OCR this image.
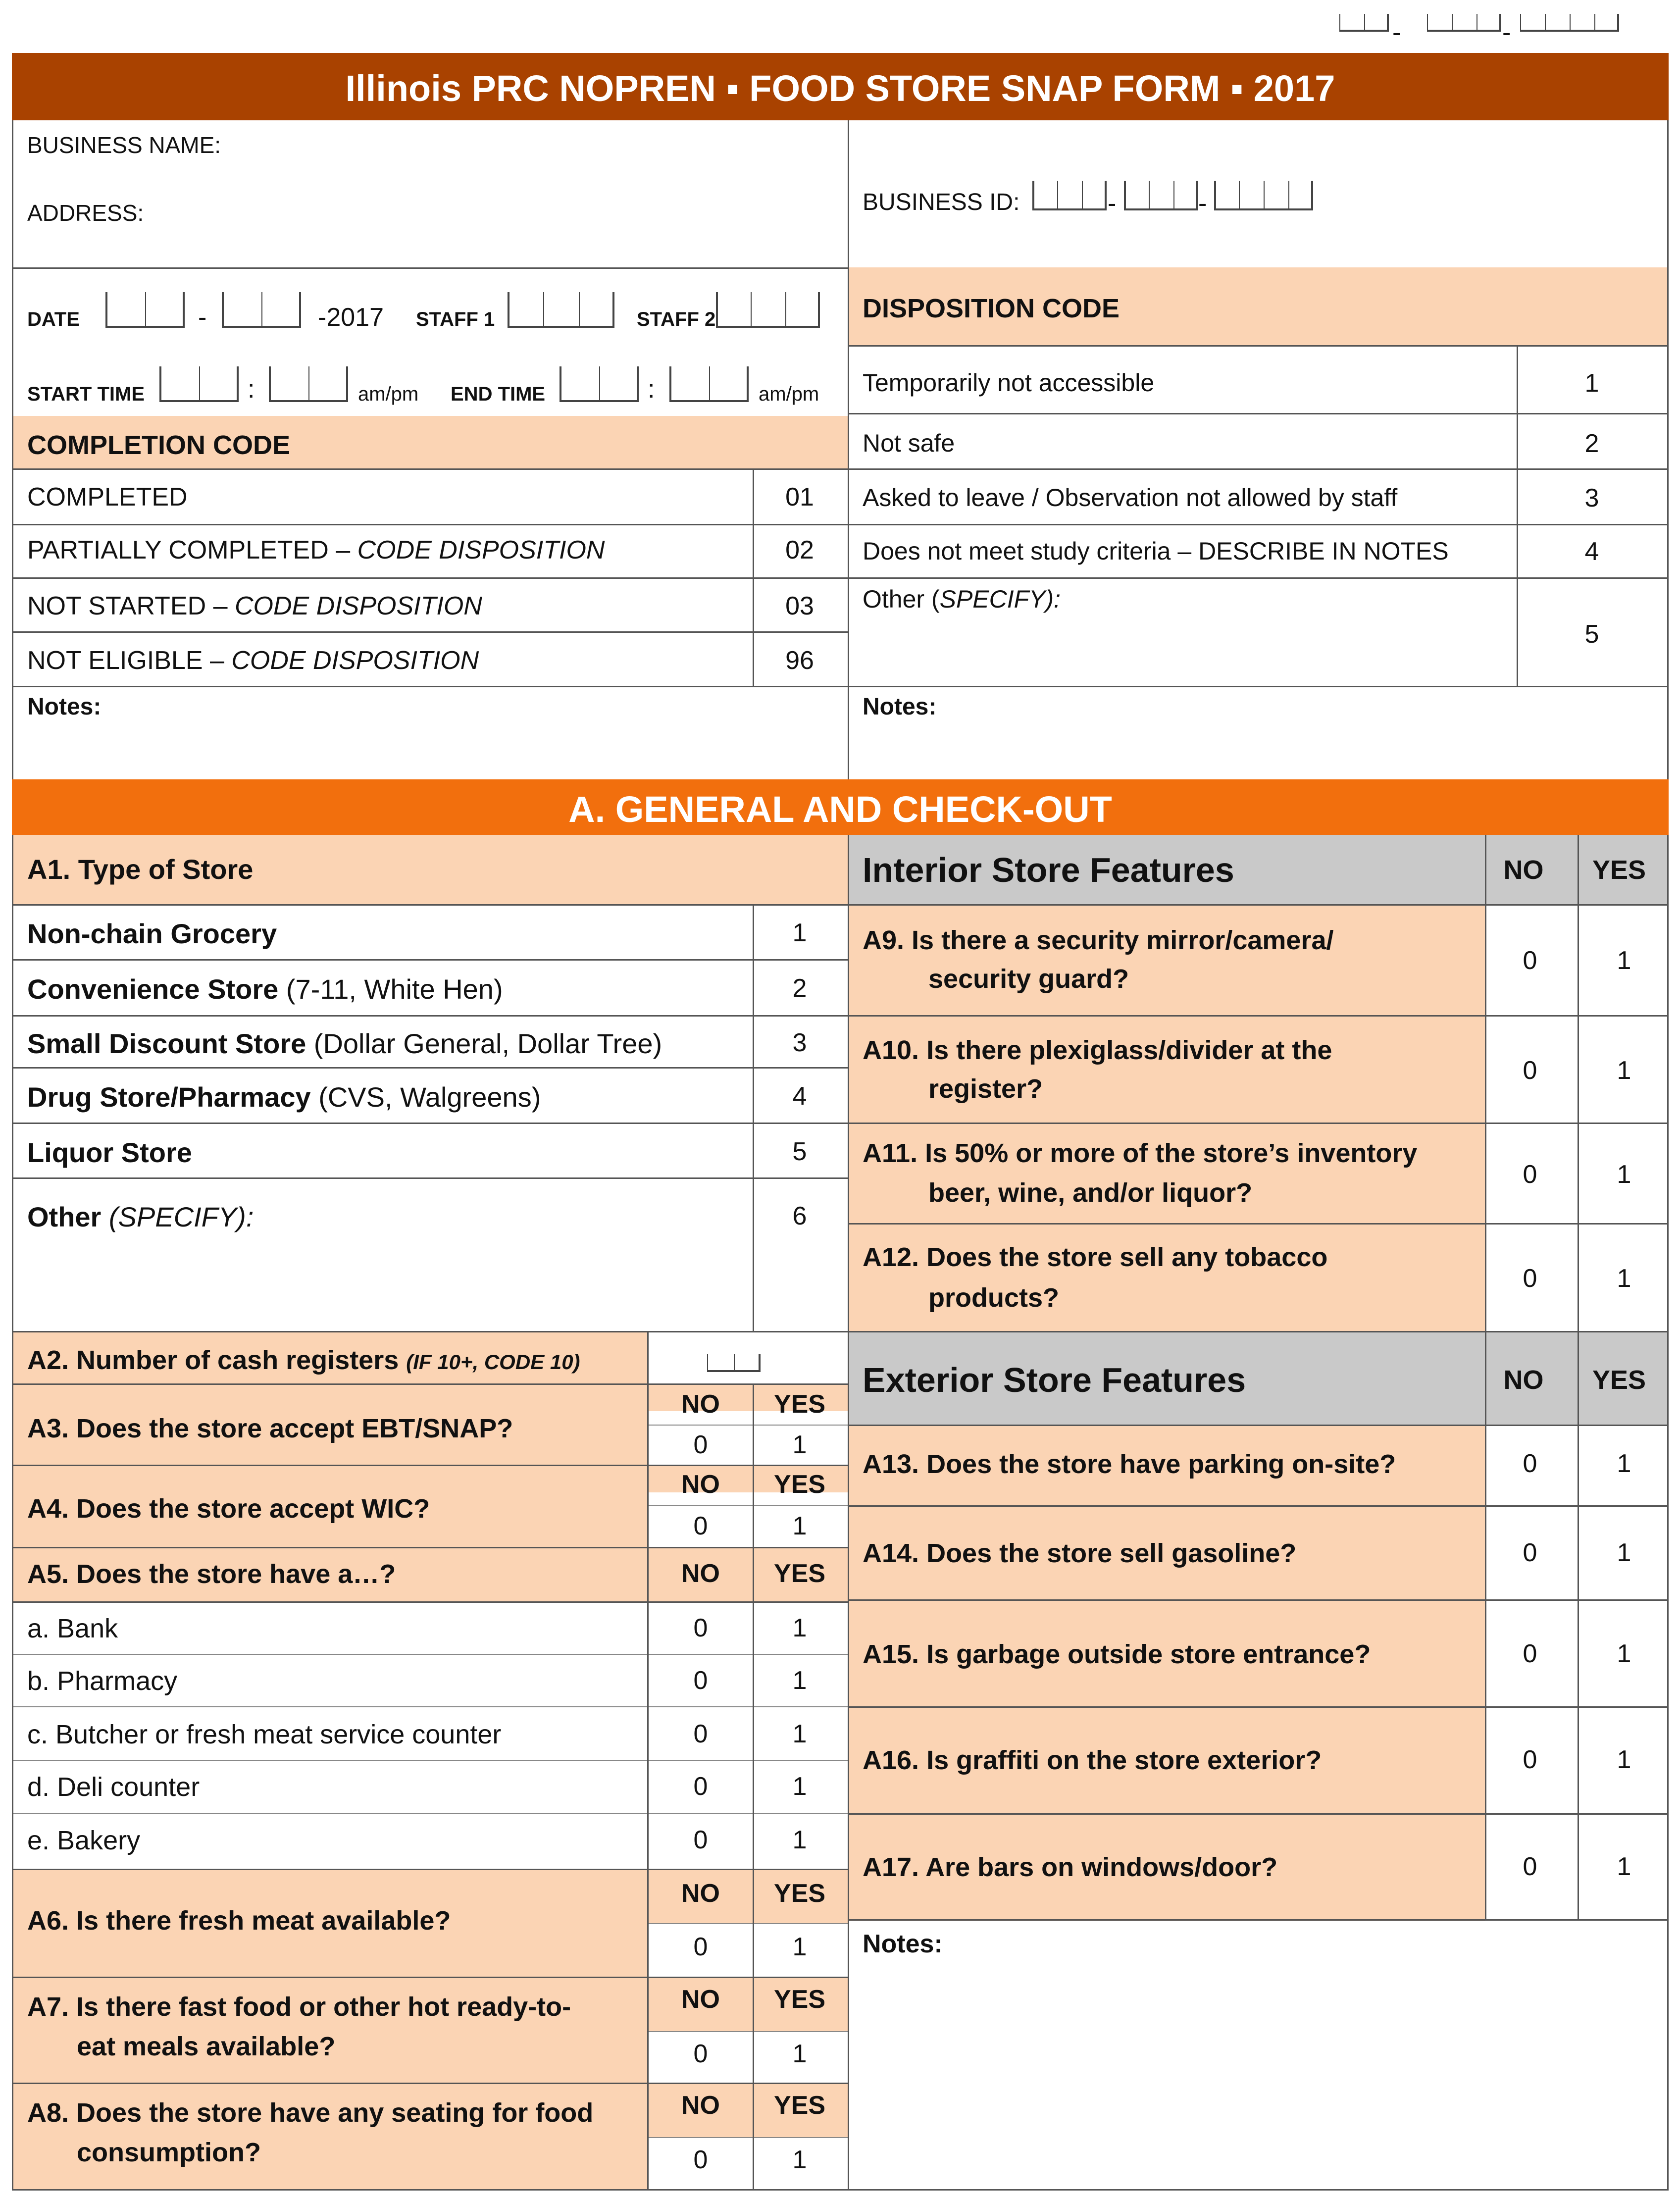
-	-
Illinois PRC NOPREN ▪ FOOD STORE SNAP FORM ▪ 2017
BUSINESS NAME:
ADDRESS:	BUSINESS ID:	-	-
DATE	-	-2017 STAFF 1	STAFF 2
START TIME	:	am/pm END TIME	:	am/pm
COMPLETION CODE
COMPLETED	01
PARTIALLY COMPLETED – CODE DISPOSITION	02
NOT STARTED – CODE DISPOSITION	03
NOT ELIGIBLE – CODE DISPOSITION	96
Notes:
DISPOSITION CODE
Temporarily not accessible	1
Not safe	2
Asked to leave / Observation not allowed by staff	3
Does not meet study criteria – DESCRIBE IN NOTES	4
Other (SPECIFY):
5
Notes:
A. GENERAL AND CHECK-OUT
A1. Type of Store
Non-chain Grocery	1
Convenience Store (7-11, White Hen)	2
Small Discount Store (Dollar General, Dollar Tree)	3
Drug Store/Pharmacy (CVS, Walgreens)	4
Liquor Store	5
Other (SPECIFY):	6
A2. Number of cash registers (IF 10+, CODE 10)
A3. Does the store accept EBT/SNAP?
NO YES
0	1
A4. Does the store accept WIC?
NO YES
0	1
A5. Does the store have a…?	NO YES
a. Bank	0	1
b. Pharmacy	0	1
c. Butcher or fresh meat service counter	0	1
d. Deli counter	0	1
e. Bakery	0	1
A6. Is there fresh meat available?
NO YES
0	1
A7. Is there fast food or other hot ready-to-
eat meals available?
NO YES
0	1
A8. Does the store have any seating for food
consumption?
NO YES
0	1
Interior Store Features	NO YES
A9. Is there a security mirror/camera/
security guard?
0	1
A10. Is there plexiglass/divider at the
register?
0	1
A11. Is 50% or more of the store’s inventory
beer, wine, and/or liquor?
0	1
A12. Does the store sell any tobacco
products?
0	1
Exterior Store Features	NO YES
A13. Does the store have parking on-site?	0	1
A14. Does the store sell gasoline?	0	1
A15. Is garbage outside store entrance?	0	1
A16. Is graffiti on the store exterior?	0	1
A17. Are bars on windows/door?	0	1
Notes:
